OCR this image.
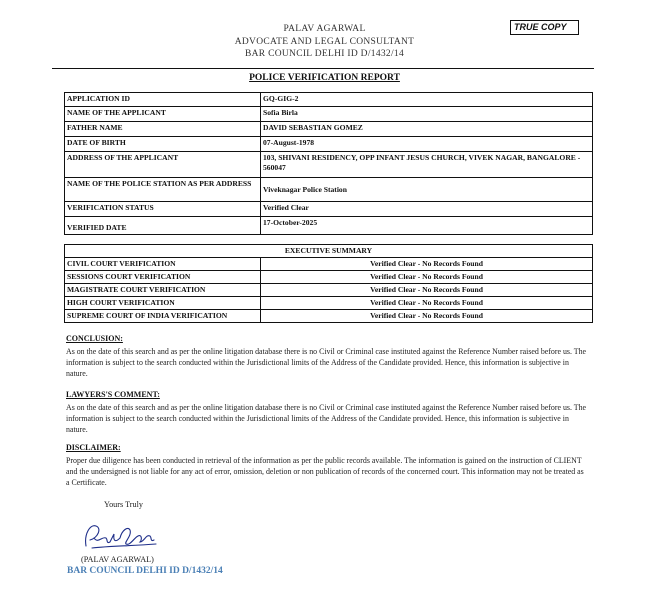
PALAV AGARWAL
ADVOCATE AND LEGAL CONSULTANT
BAR COUNCIL DELHI ID D/1432/14
TRUE COPY
POLICE VERIFICATION REPORT
APPLICATION ID	GQ-GIG-2
NAME OF THE APPLICANT	Sofia Birla
FATHER NAME	DAVID SEBASTIAN GOMEZ
DATE OF BIRTH	07-August-1978
ADDRESS OF THE APPLICANT	103, SHIVANI RESIDENCY, OPP INFANT JESUS CHURCH, VIVEK NAGAR, BANGALORE - 560047
NAME OF THE POLICE STATION AS PER ADDRESS	Viveknagar Police Station
VERIFICATION STATUS	Verified Clear
VERIFIED DATE	17-October-2025
EXECUTIVE SUMMARY	
CIVIL COURT VERIFICATION	Verified Clear - No Records Found
SESSIONS COURT VERIFICATION	Verified Clear - No Records Found
MAGISTRATE COURT VERIFICATION	Verified Clear - No Records Found
HIGH COURT VERIFICATION	Verified Clear - No Records Found
SUPREME COURT OF INDIA VERIFICATION	Verified Clear - No Records Found
CONCLUSION:
As on the date of this search and as per the online litigation database there is no Civil or Criminal case instituted against the Reference Number raised before us. The information is subject to the search conducted within the Jurisdictional limits of the Address of the Candidate provided. Hence, this information is subjective in nature.
LAWYERS'S COMMENT:
As on the date of this search and as per the online litigation database there is no Civil or Criminal case instituted against the Reference Number raised before us. The information is subject to the search conducted within the Jurisdictional limits of the Address of the Candidate provided. Hence, this information is subjective in nature.
DISCLAIMER:
Proper due diligence has been conducted in retrieval of the information as per the public records available. The information is gained on the instruction of CLIENT and the undersigned is not liable for any act of error, omission, deletion or non publication of records of the concerned court. This information may not be treated as a Certificate.
Yours Truly
(PALAV AGARWAL)
BAR COUNCIL DELHI ID D/1432/14
